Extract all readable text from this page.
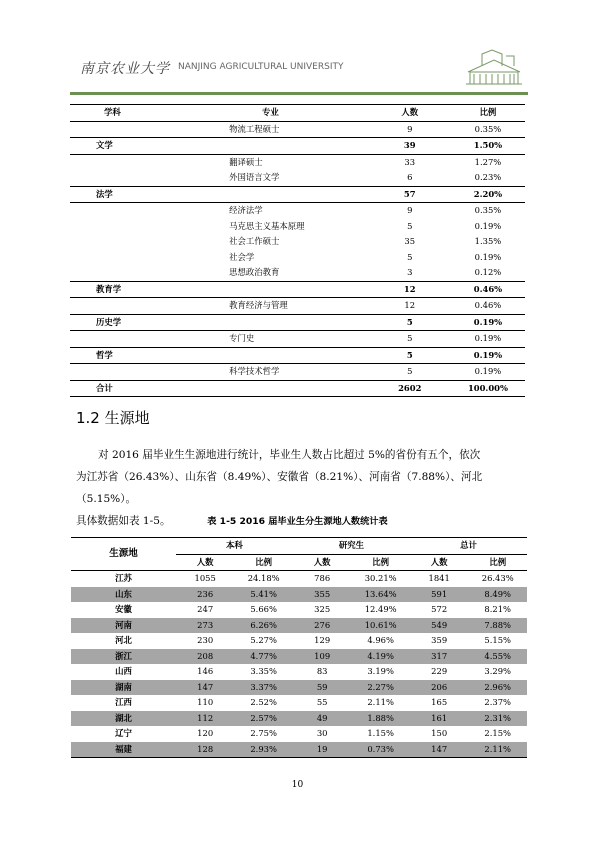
南京农业大学 NANJING AGRICULTURAL UNIVERSITY
学科	专业	人数	比例
	物流工程硕士	9	0.35%
文学		39	1.50%
	翻译硕士	33	1.27%
	外国语言文学	6	0.23%
法学		57	2.20%
	经济法学	9	0.35%
	马克思主义基本原理	5	0.19%
	社会工作硕士	35	1.35%
	社会学	5	0.19%
	思想政治教育	3	0.12%
教育学		12	0.46%
	教育经济与管理	12	0.46%
历史学		5	0.19%
	专门史	5	0.19%
哲学		5	0.19%
	科学技术哲学	5	0.19%
合计		2602	100.00%
1.2 生源地
对 2016 届毕业生生源地进行统计，毕业生人数占比超过 5%的省份有五个，依次
为江苏省（26.43%）、山东省（8.49%）、安徽省（8.21%）、河南省（7.88%）、河北（5.15%）。
具体数据如表 1-5。	表 1-5 2016 届毕业生分生源地人数统计表
生源地	本科		研究生		总计	
	人数	比例	人数	比例	人数	比例
江苏	1055	24.18%	786	30.21%	1841	26.43%
山东	236	5.41%	355	13.64%	591	8.49%
安徽	247	5.66%	325	12.49%	572	8.21%
河南	273	6.26%	276	10.61%	549	7.88%
河北	230	5.27%	129	4.96%	359	5.15%
浙江	208	4.77%	109	4.19%	317	4.55%
山西	146	3.35%	83	3.19%	229	3.29%
湖南	147	3.37%	59	2.27%	206	2.96%
江西	110	2.52%	55	2.11%	165	2.37%
湖北	112	2.57%	49	1.88%	161	2.31%
辽宁	120	2.75%	30	1.15%	150	2.15%
福建	128	2.93%	19	0.73%	147	2.11%
10
